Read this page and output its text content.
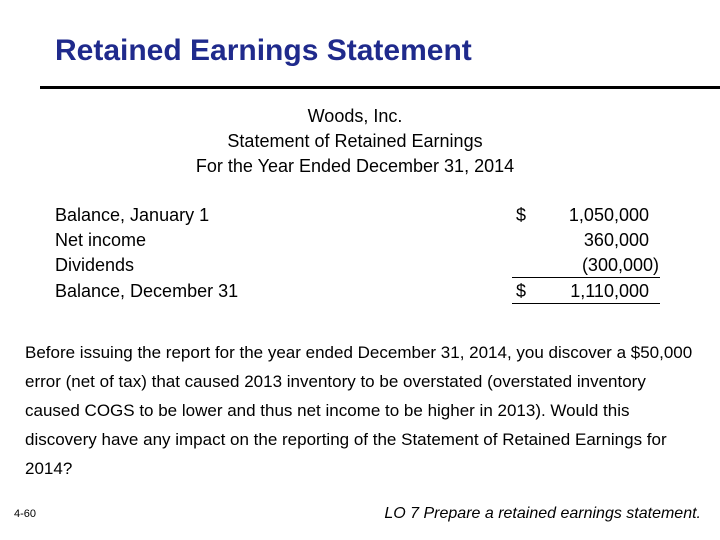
Retained Earnings Statement
Woods, Inc.
Statement of Retained Earnings
For the Year Ended December 31, 2014
Balance, January 1	$ 1,050,000
Net income	360,000
Dividends	(300,000)
Balance, December 31	$ 1,110,000
Before issuing the report for the year ended December 31, 2014, you discover a $50,000 error (net of tax) that caused 2013 inventory to be overstated (overstated inventory caused COGS to be lower and thus net income to be higher in 2013). Would this discovery have any impact on the reporting of the Statement of Retained Earnings for 2014?
4-60	LO 7 Prepare a retained earnings statement.
